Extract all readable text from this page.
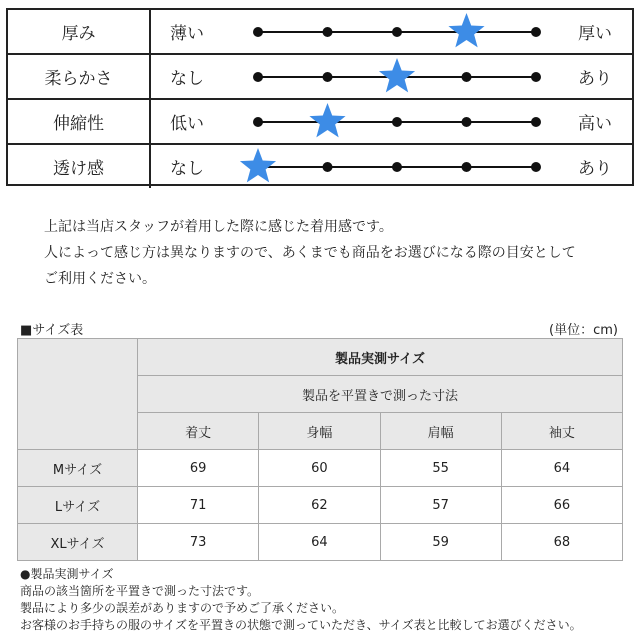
厚み	薄い	厚い
柔らかさ	なし	あり
伸縮性	低い	高い
透け感	なし	あり
上記は当店スタッフが着用した際に感じた着用感です。
人によって感じ方は異なりますので、あくまでも商品をお選びになる際の目安として
ご利用ください。
■サイズ表	(単位：cm)
	製品実測サイズ			
	製品を平置きで測った寸法			
	着丈	身幅	肩幅	袖丈
Mサイズ	69	60	55	64
Lサイズ	71	62	57	66
XLサイズ	73	64	59	68
●製品実測サイズ
商品の該当箇所を平置きで測った寸法です。
製品により多少の誤差がありますので予めご了承ください。
お客様のお手持ちの服のサイズを平置きの状態で測っていただき、サイズ表と比較してお選びください。
